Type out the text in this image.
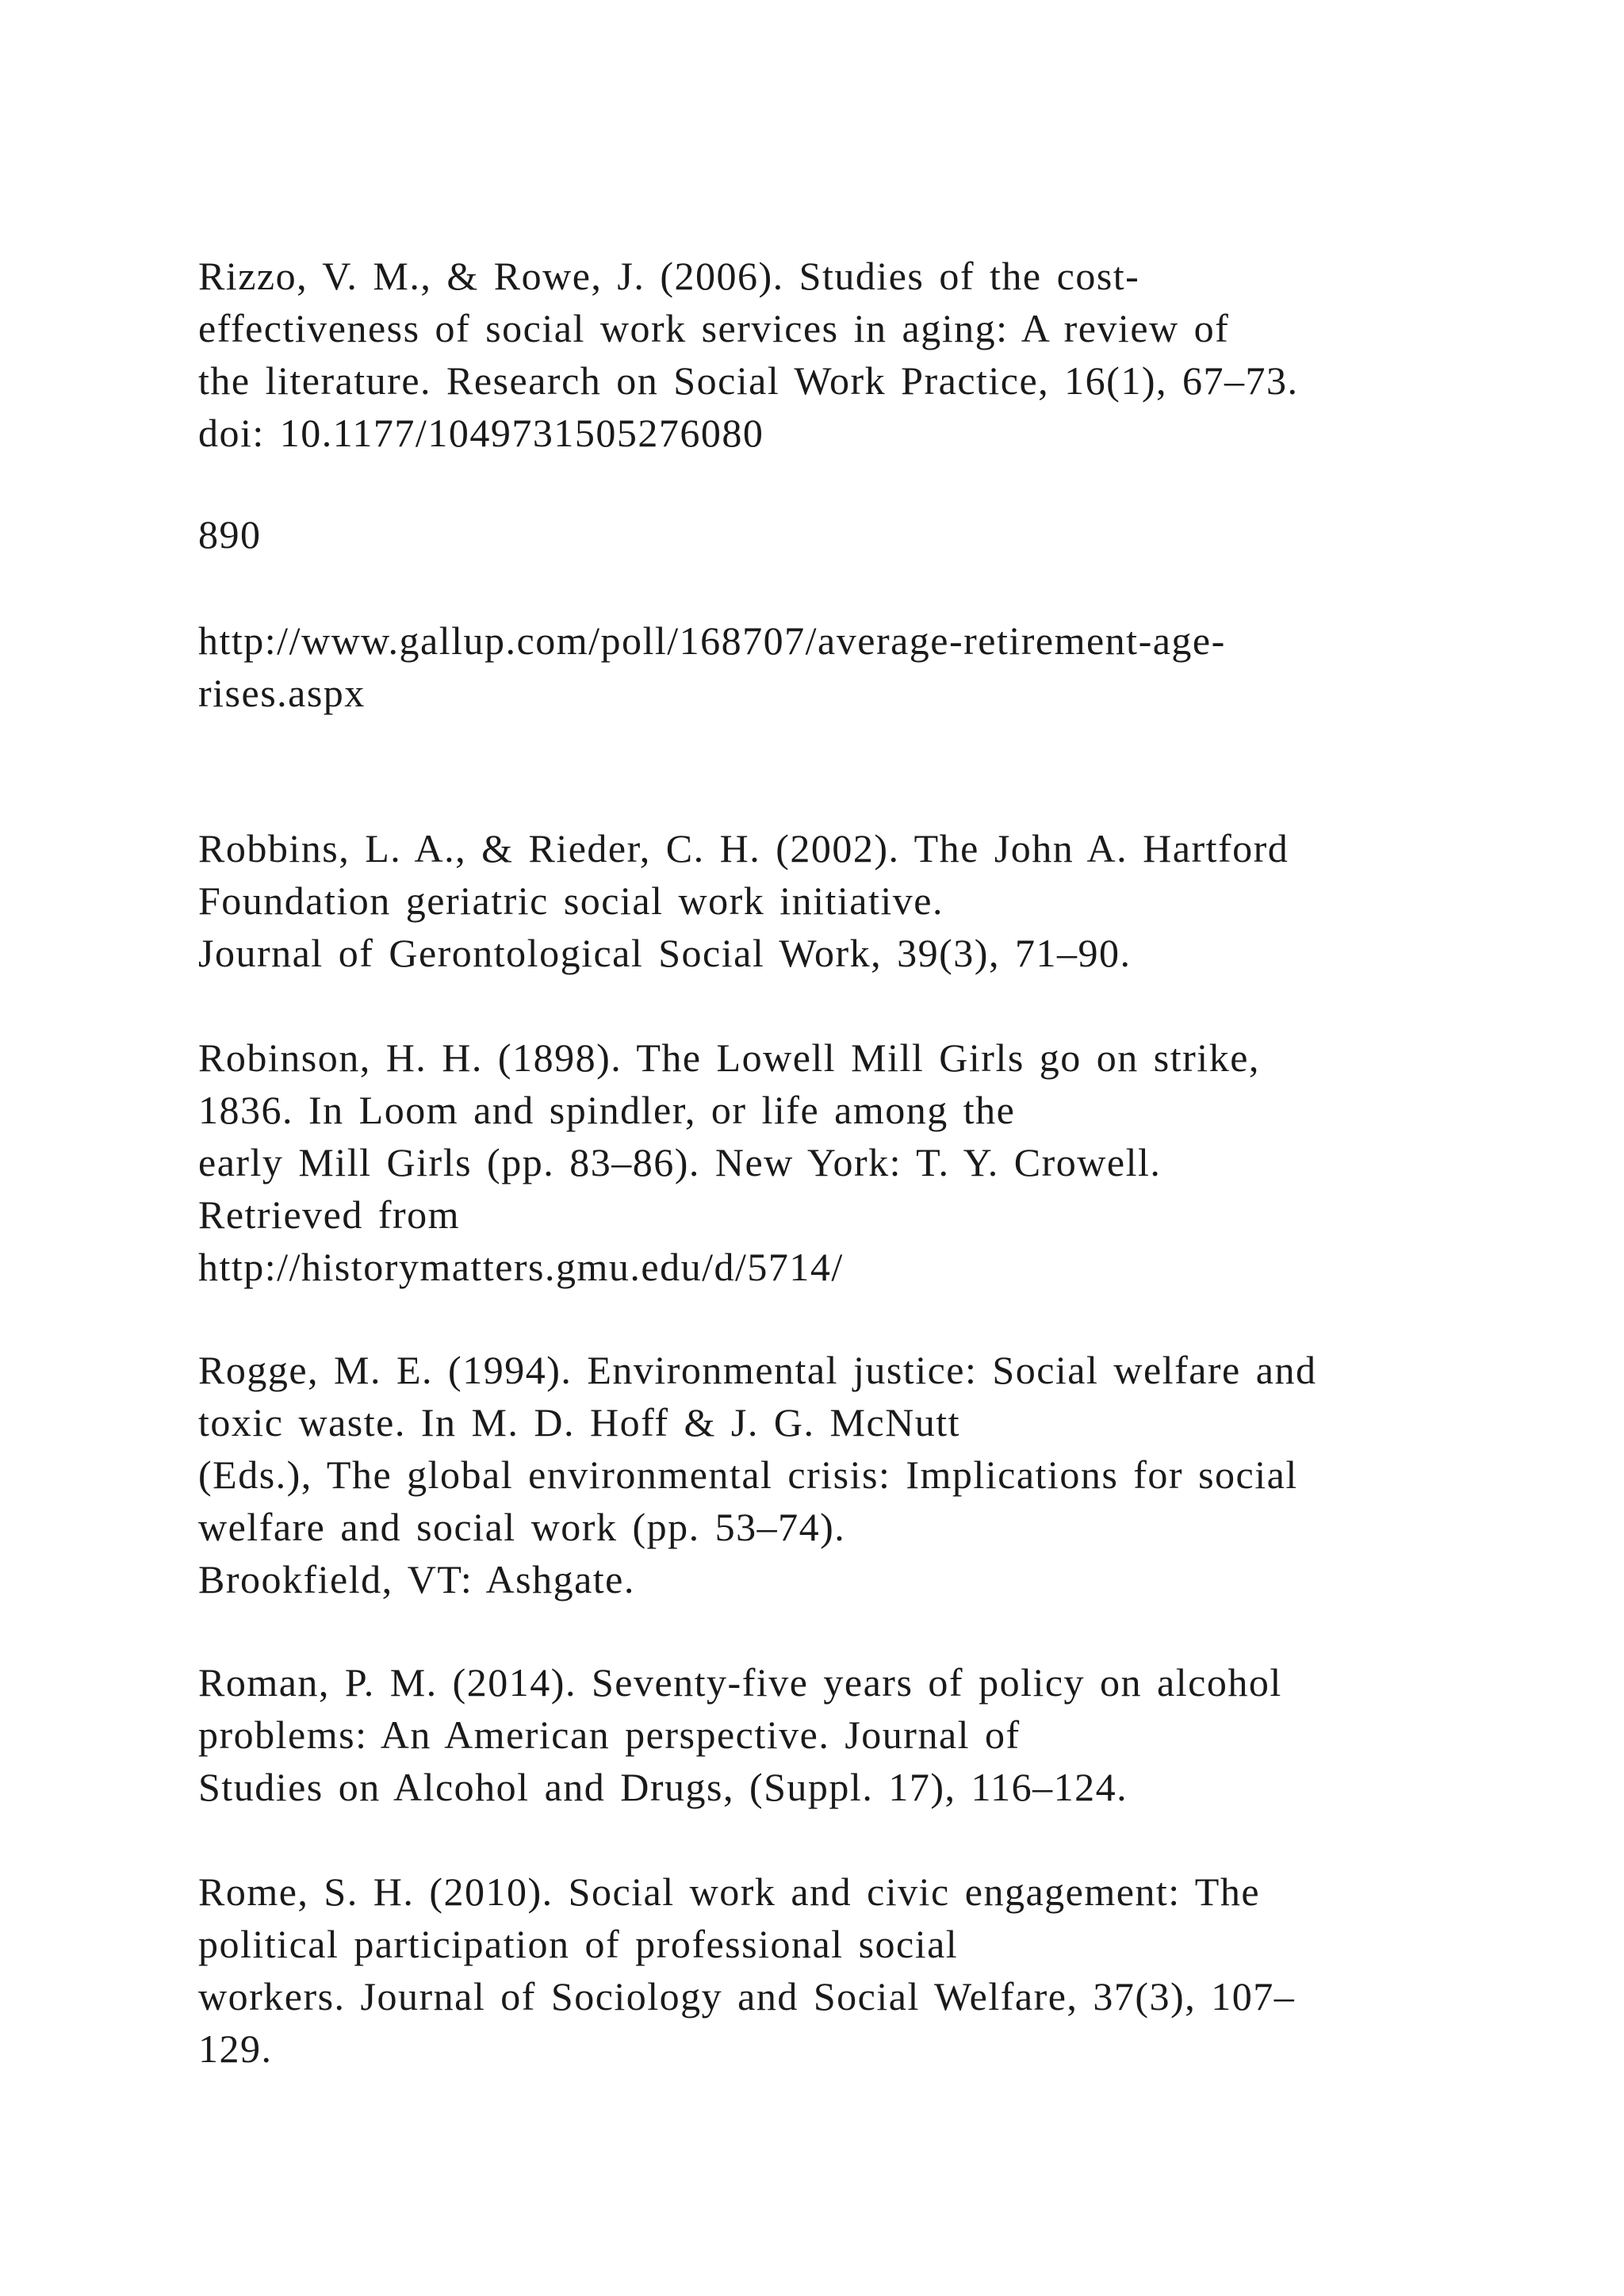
Rizzo, V. M., & Rowe, J. (2006). Studies of the cost-
effectiveness of social work services in aging: A review of
the literature. Research on Social Work Practice, 16(1), 67–73.
doi: 10.1177/1049731505276080

890

http://www.gallup.com/poll/168707/average-retirement-age-
rises.aspx

Robbins, L. A., & Rieder, C. H. (2002). The John A. Hartford
Foundation geriatric social work initiative.
Journal of Gerontological Social Work, 39(3), 71–90.

Robinson, H. H. (1898). The Lowell Mill Girls go on strike,
1836. In Loom and spindler, or life among the
early Mill Girls (pp. 83–86). New York: T. Y. Crowell.
Retrieved from
http://historymatters.gmu.edu/d/5714/

Rogge, M. E. (1994). Environmental justice: Social welfare and
toxic waste. In M. D. Hoff & J. G. McNutt
(Eds.), The global environmental crisis: Implications for social
welfare and social work (pp. 53–74).
Brookfield, VT: Ashgate.

Roman, P. M. (2014). Seventy-five years of policy on alcohol
problems: An American perspective. Journal of
Studies on Alcohol and Drugs, (Suppl. 17), 116–124.

Rome, S. H. (2010). Social work and civic engagement: The
political participation of professional social
workers. Journal of Sociology and Social Welfare, 37(3), 107–
129.
